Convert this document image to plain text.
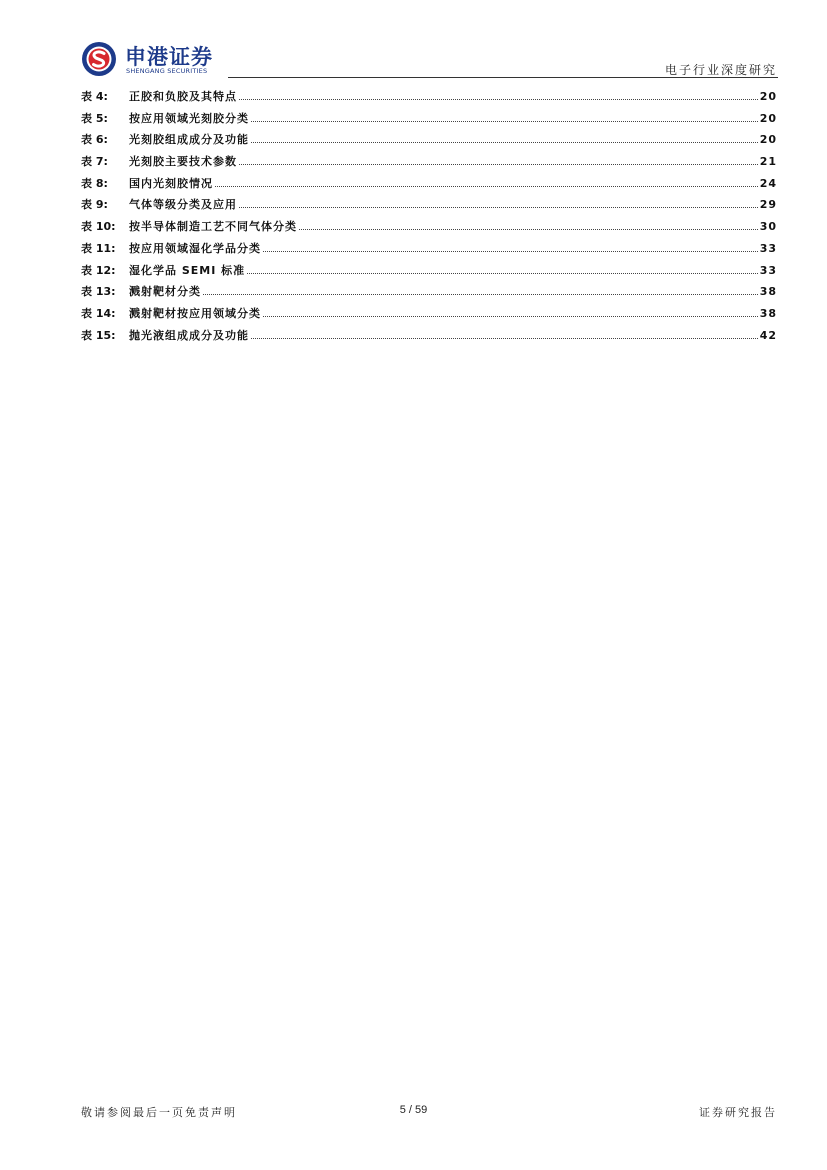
申港证券
SHENGANG SECURITIES	电子行业深度研究
表 4:	正胶和负胶及其特点	20
表 5:	按应用领域光刻胶分类	20
表 6:	光刻胶组成成分及功能	20
表 7:	光刻胶主要技术参数	21
表 8:	国内光刻胶情况	24
表 9:	气体等级分类及应用	29
表 10:	按半导体制造工艺不同气体分类	30
表 11:	按应用领域湿化学品分类	33
表 12:	湿化学品 SEMI 标准	33
表 13:	溅射靶材分类	38
表 14:	溅射靶材按应用领域分类	38
表 15:	抛光液组成成分及功能	42
敬请参阅最后一页免责声明	5 / 59	证券研究报告
